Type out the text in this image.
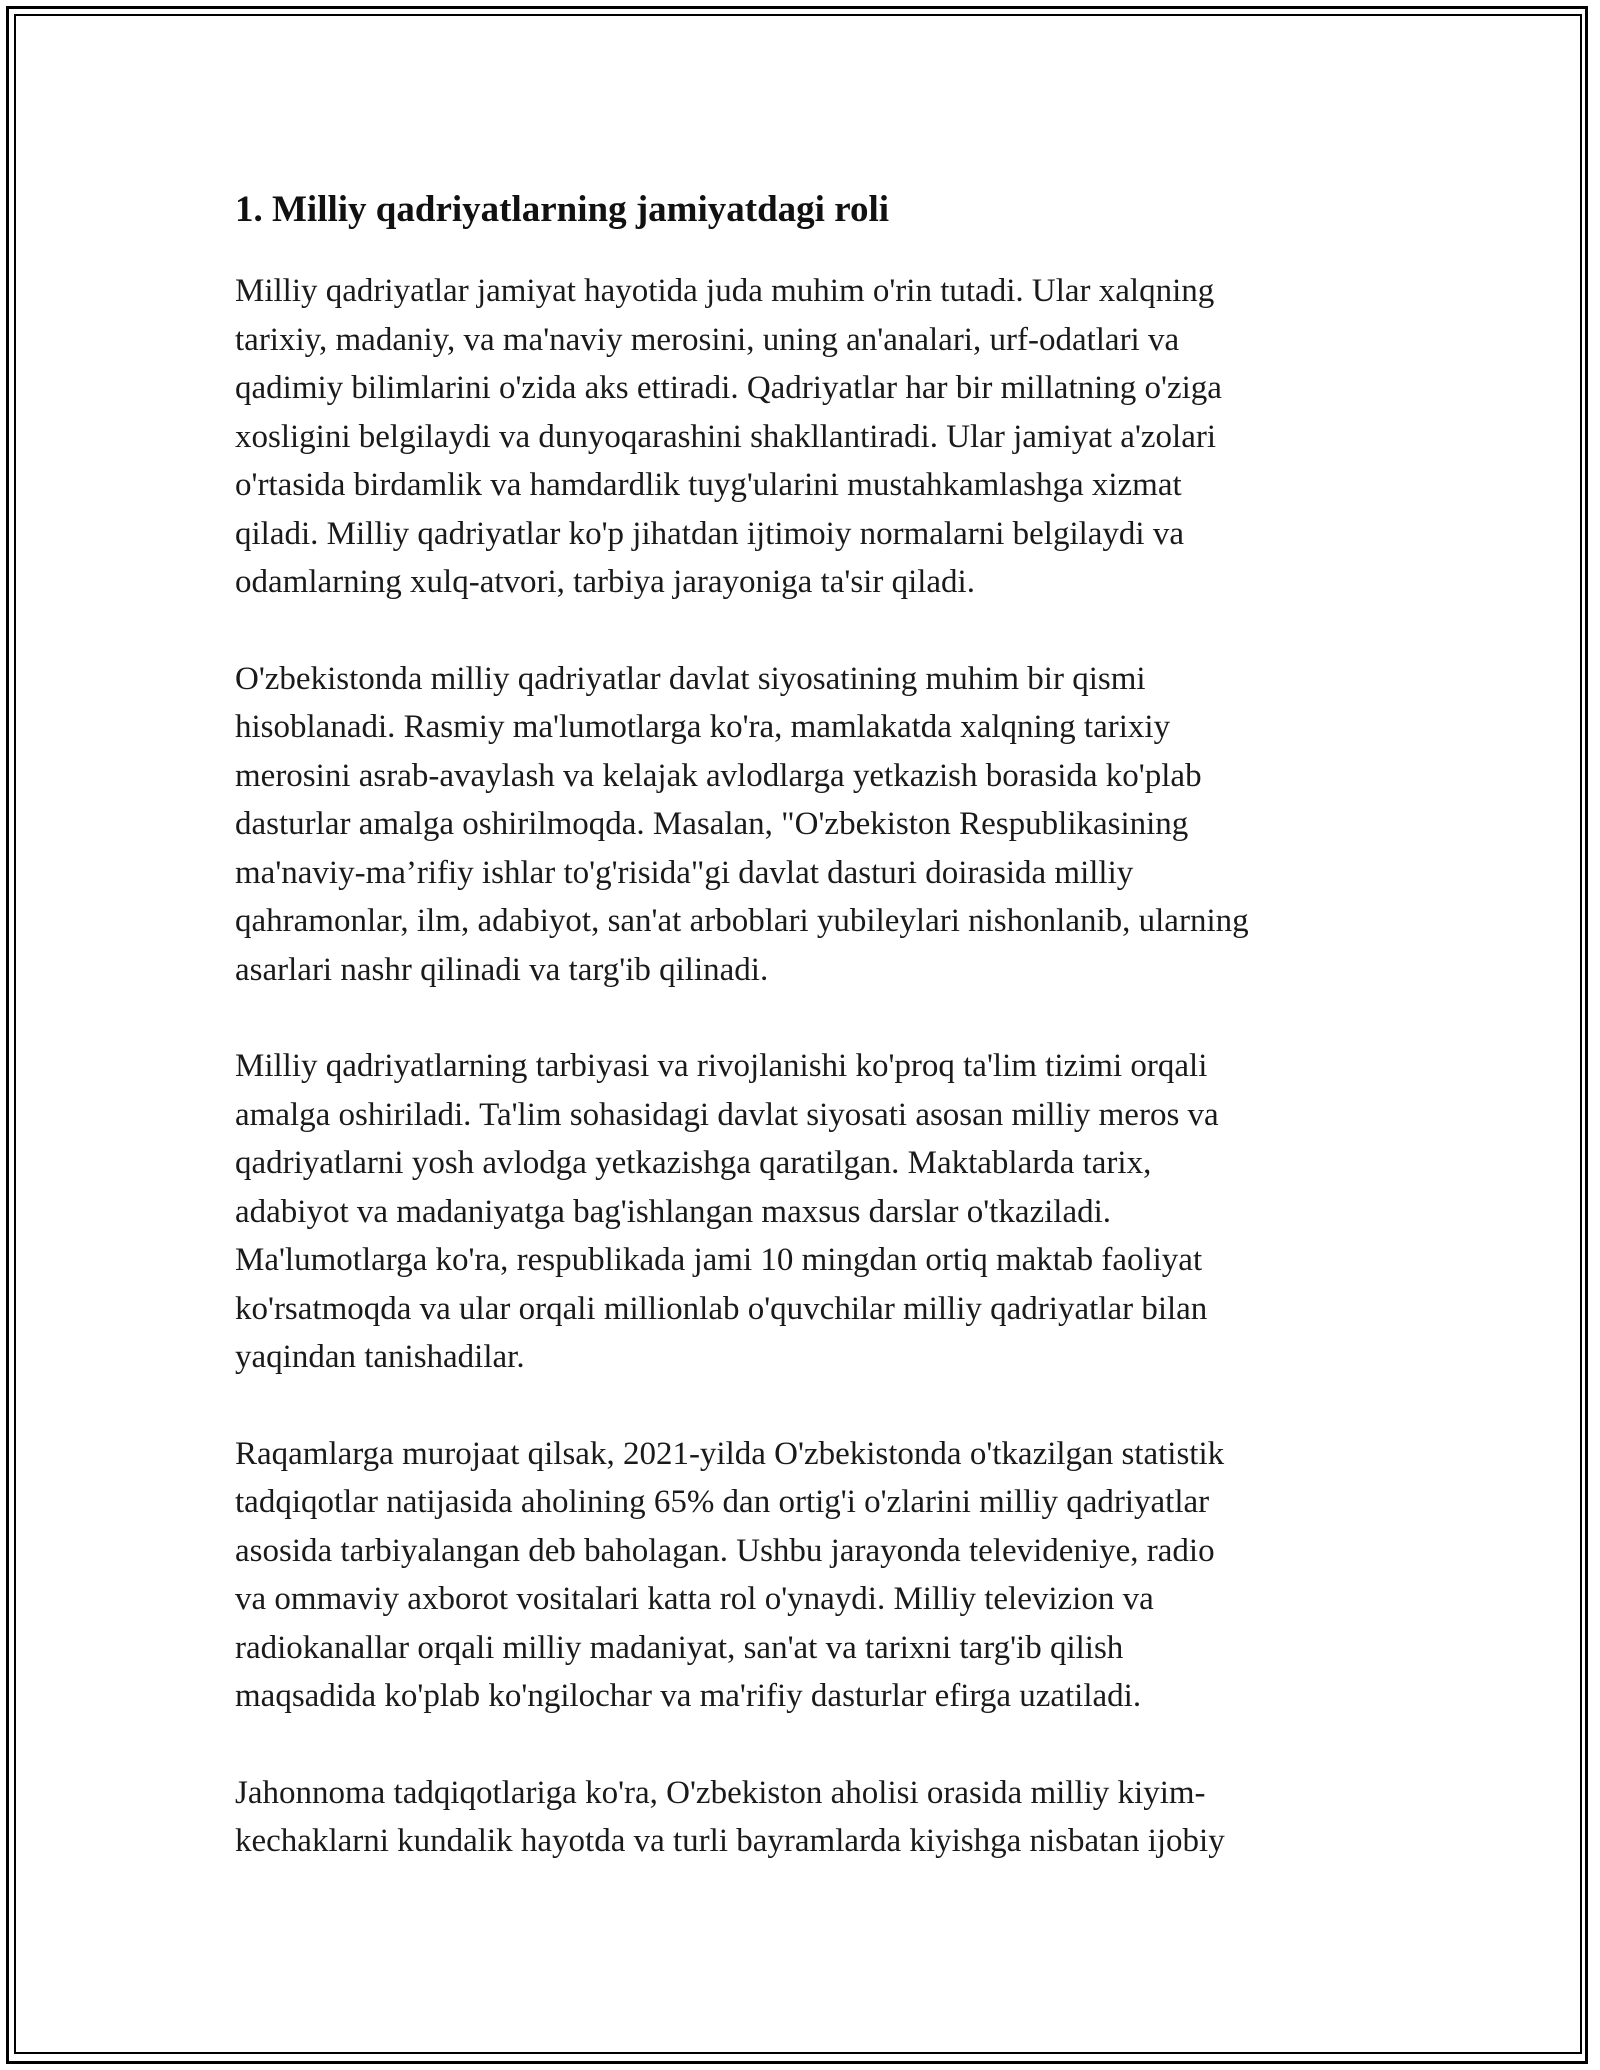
1. Milliy qadriyatlarning jamiyatdagi roli

Milliy qadriyatlar jamiyat hayotida juda muhim o'rin tutadi. Ular xalqning
tarixiy, madaniy, va ma'naviy merosini, uning an'analari, urf-odatlari va
qadimiy bilimlarini o'zida aks ettiradi. Qadriyatlar har bir millatning o'ziga
xosligini belgilaydi va dunyoqarashini shakllantiradi. Ular jamiyat a'zolari
o'rtasida birdamlik va hamdardlik tuyg'ularini mustahkamlashga xizmat
qiladi. Milliy qadriyatlar ko'p jihatdan ijtimoiy normalarni belgilaydi va
odamlarning xulq-atvori, tarbiya jarayoniga ta'sir qiladi.

O'zbekistonda milliy qadriyatlar davlat siyosatining muhim bir qismi
hisoblanadi. Rasmiy ma'lumotlarga ko'ra, mamlakatda xalqning tarixiy
merosini asrab-avaylash va kelajak avlodlarga yetkazish borasida ko'plab
dasturlar amalga oshirilmoqda. Masalan, "O'zbekiston Respublikasining
ma'naviy-ma’rifiy ishlar to'g'risida"gi davlat dasturi doirasida milliy
qahramonlar, ilm, adabiyot, san'at arboblari yubileylari nishonlanib, ularning
asarlari nashr qilinadi va targ'ib qilinadi.

Milliy qadriyatlarning tarbiyasi va rivojlanishi ko'proq ta'lim tizimi orqali
amalga oshiriladi. Ta'lim sohasidagi davlat siyosati asosan milliy meros va
qadriyatlarni yosh avlodga yetkazishga qaratilgan. Maktablarda tarix,
adabiyot va madaniyatga bag'ishlangan maxsus darslar o'tkaziladi.
Ma'lumotlarga ko'ra, respublikada jami 10 mingdan ortiq maktab faoliyat
ko'rsatmoqda va ular orqali millionlab o'quvchilar milliy qadriyatlar bilan
yaqindan tanishadilar.

Raqamlarga murojaat qilsak, 2021-yilda O'zbekistonda o'tkazilgan statistik
tadqiqotlar natijasida aholining 65% dan ortig'i o'zlarini milliy qadriyatlar
asosida tarbiyalangan deb baholagan. Ushbu jarayonda televideniye, radio
va ommaviy axborot vositalari katta rol o'ynaydi. Milliy televizion va
radiokanallar orqali milliy madaniyat, san'at va tarixni targ'ib qilish
maqsadida ko'plab ko'ngilochar va ma'rifiy dasturlar efirga uzatiladi.

Jahonnoma tadqiqotlariga ko'ra, O'zbekiston aholisi orasida milliy kiyim-
kechaklarni kundalik hayotda va turli bayramlarda kiyishga nisbatan ijobiy
